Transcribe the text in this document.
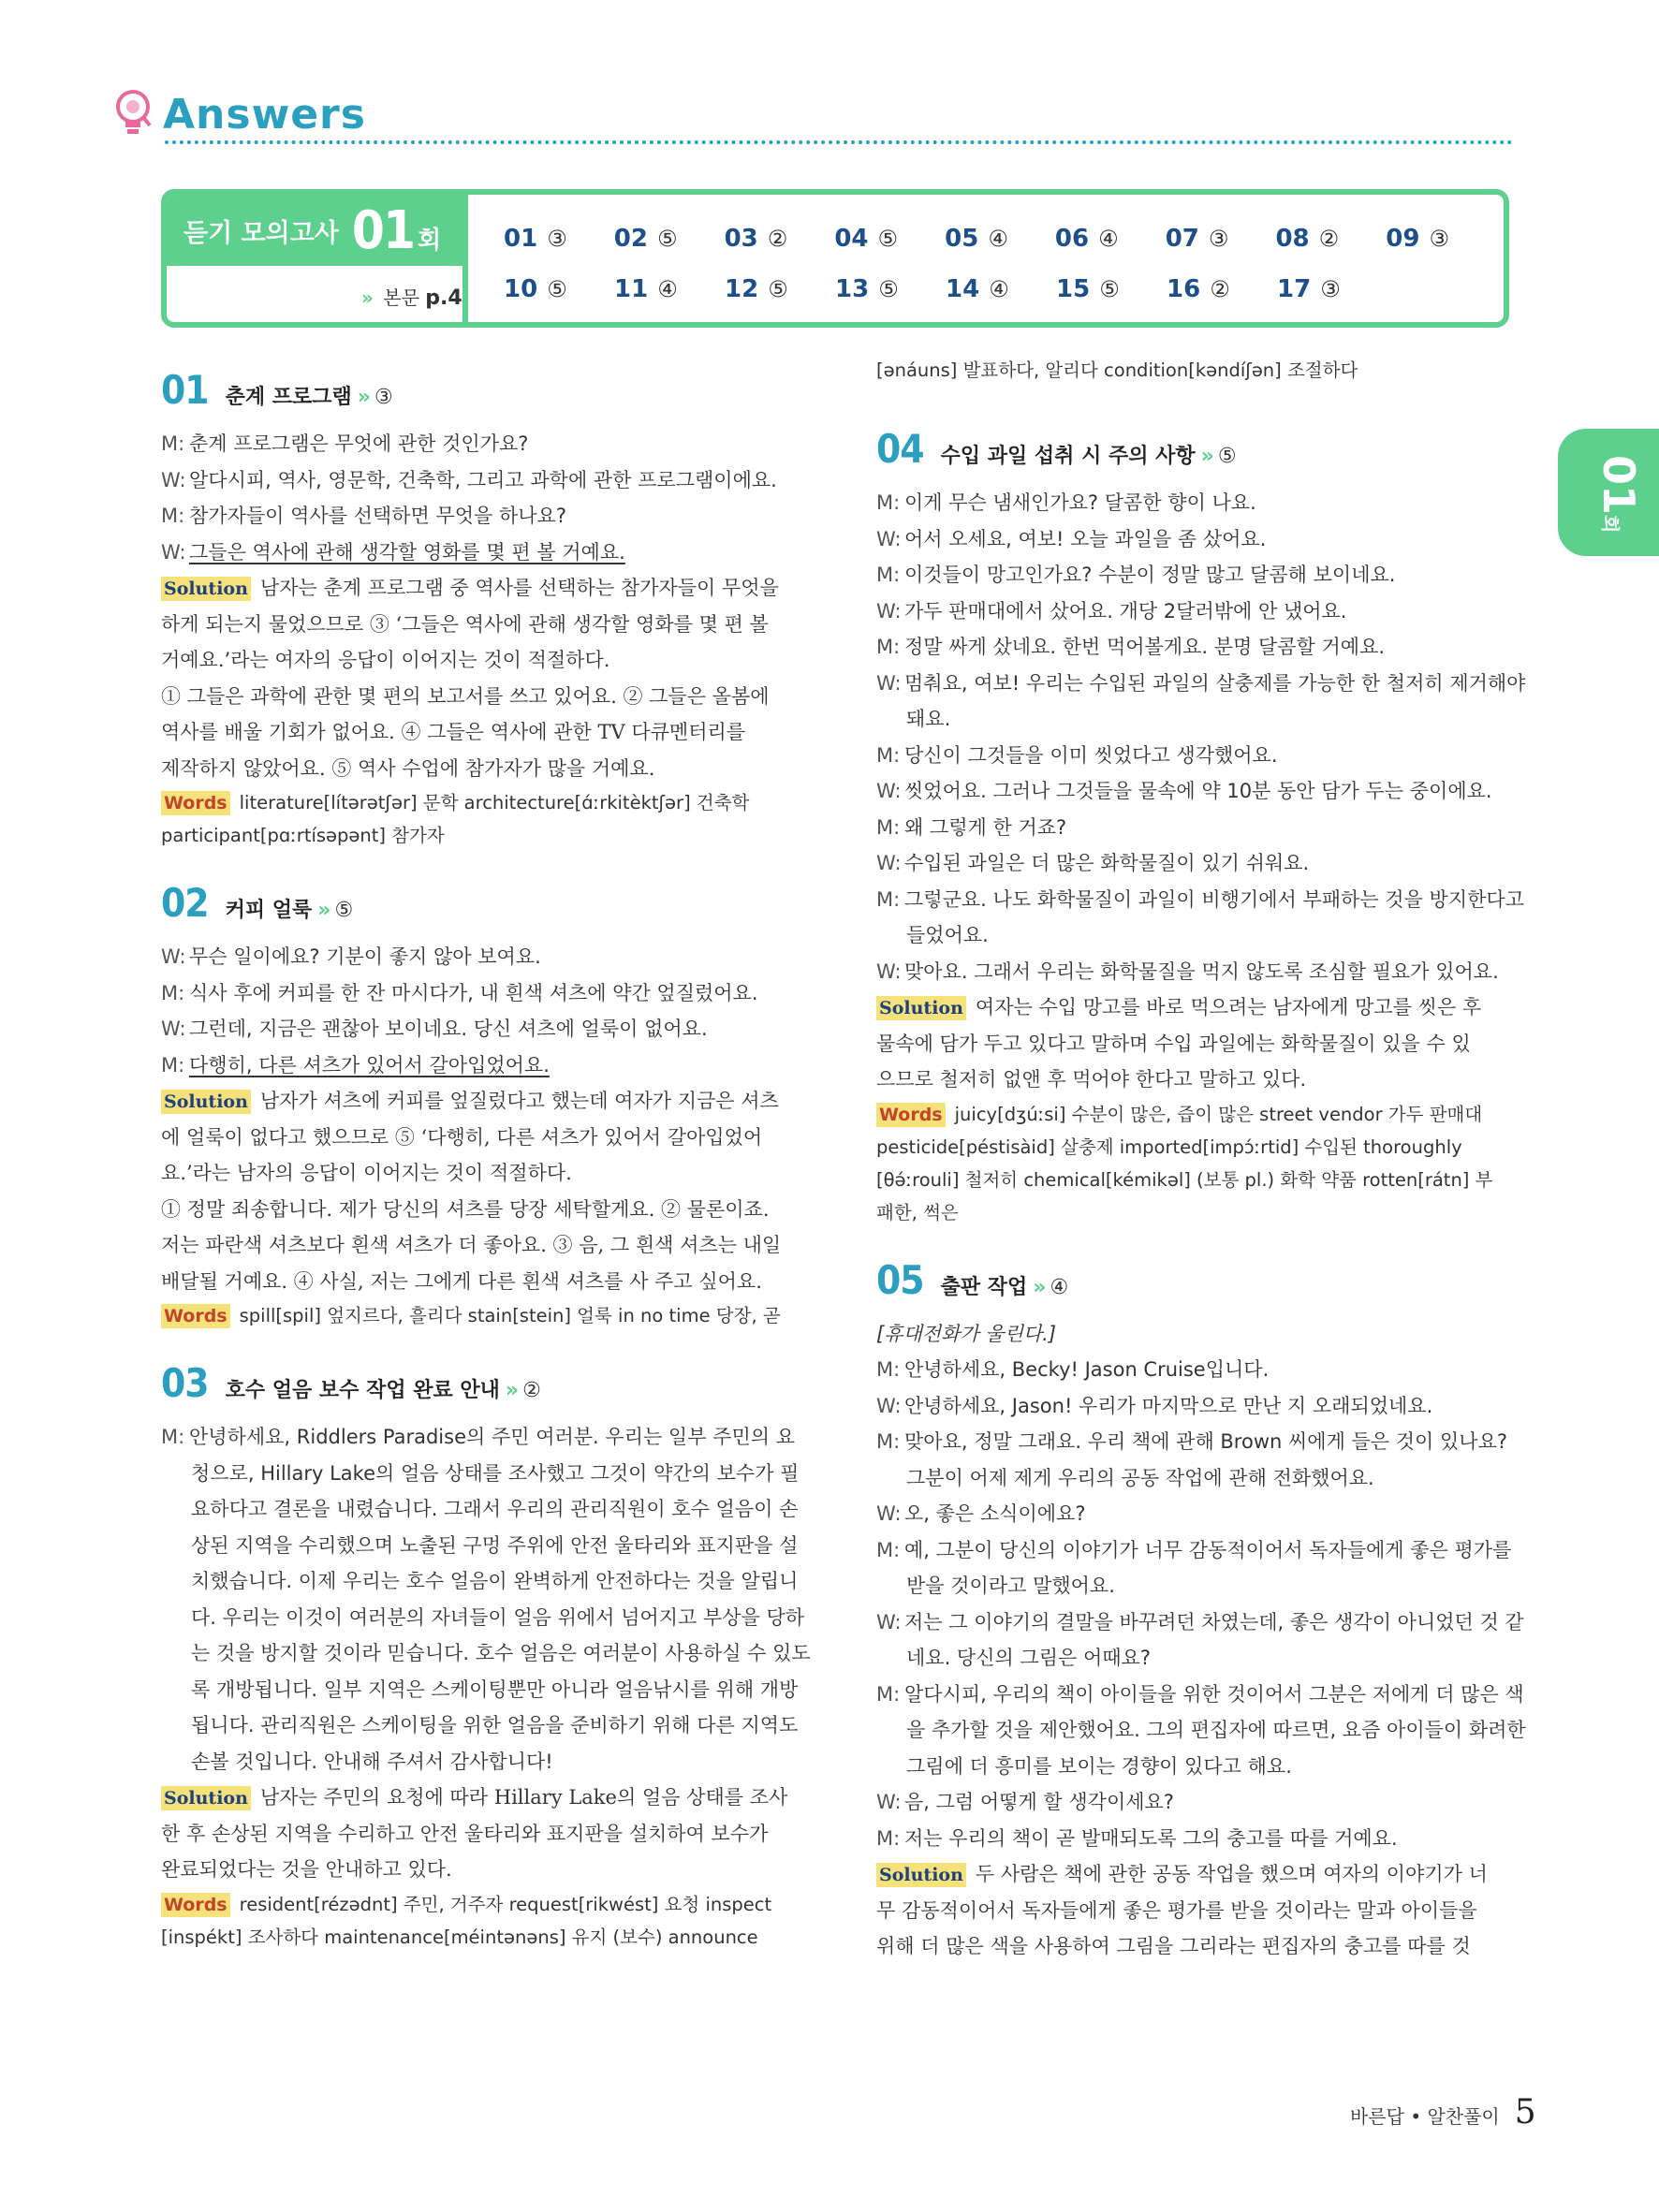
Answers
듣기 모의고사 01 회
» 본문 p.4
01 ③	02 ⑤	03 ②	04 ⑤	05 ④	06 ④	07 ③	08 ②	09 ③
10 ⑤	11 ④	12 ⑤	13 ⑤	14 ④	15 ⑤	16 ②	17 ③
01회
01 춘계 프로그램 » ③
M: 춘계 프로그램은 무엇에 관한 것인가요?
W: 알다시피, 역사, 영문학, 건축학, 그리고 과학에 관한 프로그램이에요.
M: 참가자들이 역사를 선택하면 무엇을 하나요?
W: 그들은 역사에 관해 생각할 영화를 몇 편 볼 거예요.
Solution 남자는 춘계 프로그램 중 역사를 선택하는 참가자들이 무엇을
하게 되는지 물었으므로 ③ ‘그들은 역사에 관해 생각할 영화를 몇 편 볼
거예요.’라는 여자의 응답이 이어지는 것이 적절하다.
① 그들은 과학에 관한 몇 편의 보고서를 쓰고 있어요. ② 그들은 올봄에
역사를 배울 기회가 없어요. ④ 그들은 역사에 관한 TV 다큐멘터리를
제작하지 않았어요. ⑤ 역사 수업에 참가자가 많을 거예요.
Words literature[lítərətʃər] 문학 architecture[ɑ́ːrkitèktʃər] 건축학
participant[pɑːrtísəpənt] 참가자
02 커피 얼룩 » ⑤
W: 무슨 일이에요? 기분이 좋지 않아 보여요.
M: 식사 후에 커피를 한 잔 마시다가, 내 흰색 셔츠에 약간 엎질렀어요.
W: 그런데, 지금은 괜찮아 보이네요. 당신 셔츠에 얼룩이 없어요.
M: 다행히, 다른 셔츠가 있어서 갈아입었어요.
Solution 남자가 셔츠에 커피를 엎질렀다고 했는데 여자가 지금은 셔츠
에 얼룩이 없다고 했으므로 ⑤ ‘다행히, 다른 셔츠가 있어서 갈아입었어
요.’라는 남자의 응답이 이어지는 것이 적절하다.
① 정말 죄송합니다. 제가 당신의 셔츠를 당장 세탁할게요. ② 물론이죠.
저는 파란색 셔츠보다 흰색 셔츠가 더 좋아요. ③ 음, 그 흰색 셔츠는 내일
배달될 거예요. ④ 사실, 저는 그에게 다른 흰색 셔츠를 사 주고 싶어요.
Words spill[spil] 엎지르다, 흘리다 stain[stein] 얼룩 in no time 당장, 곧
03 호수 얼음 보수 작업 완료 안내 » ②
M: 안녕하세요, Riddlers Paradise의 주민 여러분. 우리는 일부 주민의 요
청으로, Hillary Lake의 얼음 상태를 조사했고 그것이 약간의 보수가 필
요하다고 결론을 내렸습니다. 그래서 우리의 관리직원이 호수 얼음이 손
상된 지역을 수리했으며 노출된 구멍 주위에 안전 울타리와 표지판을 설
치했습니다. 이제 우리는 호수 얼음이 완벽하게 안전하다는 것을 알립니
다. 우리는 이것이 여러분의 자녀들이 얼음 위에서 넘어지고 부상을 당하
는 것을 방지할 것이라 믿습니다. 호수 얼음은 여러분이 사용하실 수 있도
록 개방됩니다. 일부 지역은 스케이팅뿐만 아니라 얼음낚시를 위해 개방
됩니다. 관리직원은 스케이팅을 위한 얼음을 준비하기 위해 다른 지역도
손볼 것입니다. 안내해 주셔서 감사합니다!
Solution 남자는 주민의 요청에 따라 Hillary Lake의 얼음 상태를 조사
한 후 손상된 지역을 수리하고 안전 울타리와 표지판을 설치하여 보수가
완료되었다는 것을 안내하고 있다.
Words resident[rézədnt] 주민, 거주자 request[rikwést] 요청 inspect
[inspékt] 조사하다 maintenance[méintənəns] 유지 (보수) announce
[ənáuns] 발표하다, 알리다 condition[kəndíʃən] 조절하다
04 수입 과일 섭취 시 주의 사항 » ⑤
M: 이게 무슨 냄새인가요? 달콤한 향이 나요.
W: 어서 오세요, 여보! 오늘 과일을 좀 샀어요.
M: 이것들이 망고인가요? 수분이 정말 많고 달콤해 보이네요.
W: 가두 판매대에서 샀어요. 개당 2달러밖에 안 냈어요.
M: 정말 싸게 샀네요. 한번 먹어볼게요. 분명 달콤할 거예요.
W: 멈춰요, 여보! 우리는 수입된 과일의 살충제를 가능한 한 철저히 제거해야
돼요.
M: 당신이 그것들을 이미 씻었다고 생각했어요.
W: 씻었어요. 그러나 그것들을 물속에 약 10분 동안 담가 두는 중이에요.
M: 왜 그렇게 한 거죠?
W: 수입된 과일은 더 많은 화학물질이 있기 쉬워요.
M: 그렇군요. 나도 화학물질이 과일이 비행기에서 부패하는 것을 방지한다고
들었어요.
W: 맞아요. 그래서 우리는 화학물질을 먹지 않도록 조심할 필요가 있어요.
Solution 여자는 수입 망고를 바로 먹으려는 남자에게 망고를 씻은 후
물속에 담가 두고 있다고 말하며 수입 과일에는 화학물질이 있을 수 있
으므로 철저히 없앤 후 먹어야 한다고 말하고 있다.
Words juicy[dʒúːsi] 수분이 많은, 즙이 많은 street vendor 가두 판매대
pesticide[péstisàid] 살충제 imported[impɔ́ːrtid] 수입된 thoroughly
[θə́ːrouli] 철저히 chemical[kémikəl] (보통 pl.) 화학 약품 rotten[rátn] 부
패한, 썩은
05 출판 작업 » ④
[휴대전화가 울린다.]
M: 안녕하세요, Becky! Jason Cruise입니다.
W: 안녕하세요, Jason! 우리가 마지막으로 만난 지 오래되었네요.
M: 맞아요, 정말 그래요. 우리 책에 관해 Brown 씨에게 들은 것이 있나요?
그분이 어제 제게 우리의 공동 작업에 관해 전화했어요.
W: 오, 좋은 소식이에요?
M: 예, 그분이 당신의 이야기가 너무 감동적이어서 독자들에게 좋은 평가를
받을 것이라고 말했어요.
W: 저는 그 이야기의 결말을 바꾸려던 차였는데, 좋은 생각이 아니었던 것 같
네요. 당신의 그림은 어때요?
M: 알다시피, 우리의 책이 아이들을 위한 것이어서 그분은 저에게 더 많은 색
을 추가할 것을 제안했어요. 그의 편집자에 따르면, 요즘 아이들이 화려한
그림에 더 흥미를 보이는 경향이 있다고 해요.
W: 음, 그럼 어떻게 할 생각이세요?
M: 저는 우리의 책이 곧 발매되도록 그의 충고를 따를 거예요.
Solution 두 사람은 책에 관한 공동 작업을 했으며 여자의 이야기가 너
무 감동적이어서 독자들에게 좋은 평가를 받을 것이라는 말과 아이들을
위해 더 많은 색을 사용하여 그림을 그리라는 편집자의 충고를 따를 것
바른답 • 알찬풀이 5
